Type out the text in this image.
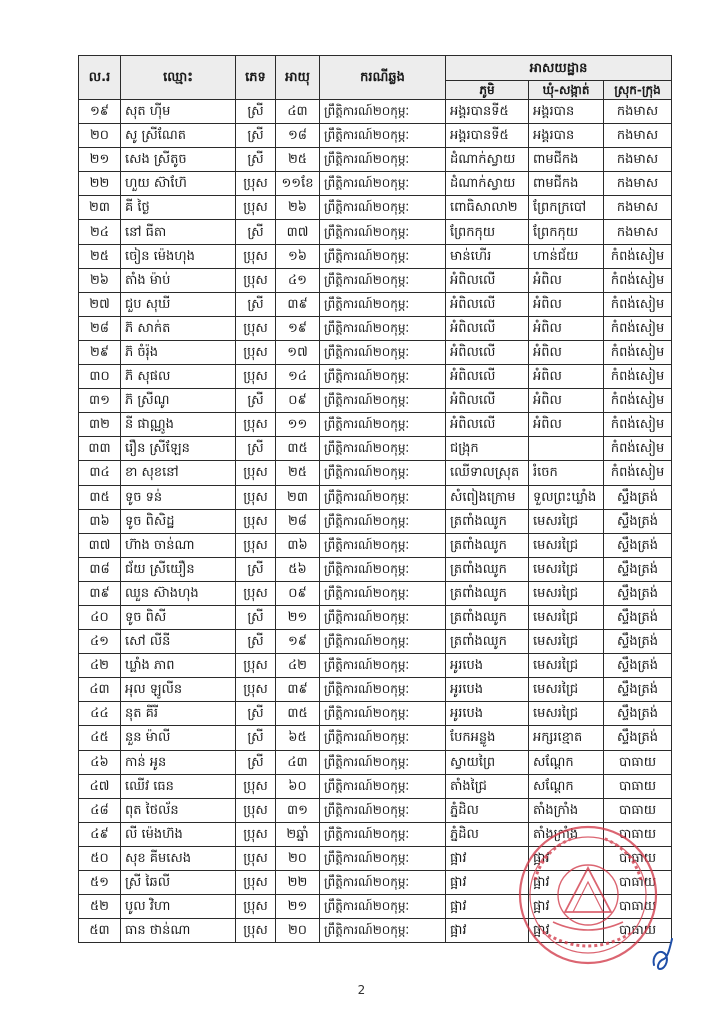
ល.រ	ឈ្មោះ	ភេទ	អាយុ	ករណីឆ្លង	អាសយដ្ឋាន		
					ភូមិ	ឃុំ-សង្កាត់	ស្រុក-ក្រុង
១៩	សុត ហ៊ីម	ស្រី	៤៣	ព្រឹត្តិការណ៍២០កុម្ភៈ	អង្គរបានទី៥	អង្គរបាន	កងមាស
២០	សូ ស្រីណែត	ស្រី	១៨	ព្រឹត្តិការណ៍២០កុម្ភៈ	អង្គរបានទី៥	អង្គរបាន	កងមាស
២១	សេង ស្រីតូច	ស្រី	២៥	ព្រឹត្តិការណ៍២០កុម្ភៈ	ដំណាក់ស្វាយ	ពាមជីកង	កងមាស
២២	ហួយ ស៊ាហ៊ែ	ប្រុស	១១ខែ	ព្រឹត្តិការណ៍២០កុម្ភៈ	ដំណាក់ស្វាយ	ពាមជីកង	កងមាស
២៣	គី ថ្ងៃ	ប្រុស	២៦	ព្រឹត្តិការណ៍២០កុម្ភៈ	ពោធិសាលា២	ព្រែកក្របៅ	កងមាស
២៤	នៅ ធីតា	ស្រី	៣៧	ព្រឹត្តិការណ៍២០កុម្ភៈ	ព្រែកកុយ	ព្រែកកុយ	កងមាស
២៥	ចៀន ម៉េងហុង	ប្រុស	១៦	ព្រឹត្តិការណ៍២០កុម្ភៈ	មាន់ហើរ	ហាន់ជ័យ	កំពង់សៀម
២៦	តាំង ម៉ាប់	ប្រុស	៤១	ព្រឹត្តិការណ៍២០កុម្ភៈ	អំពិលលើ	អំពិល	កំពង់សៀម
២៧	ជួប សុឃី	ស្រី	៣៩	ព្រឹត្តិការណ៍២០កុម្ភៈ	អំពិលលើ	អំពិល	កំពង់សៀម
២៨	ភ៊ សាក់ត	ប្រុស	១៩	ព្រឹត្តិការណ៍២០កុម្ភៈ	អំពិលលើ	អំពិល	កំពង់សៀម
២៩	ភ៊ ចំរ៉ុង	ប្រុស	១៧	ព្រឹត្តិការណ៍២០កុម្ភៈ	អំពិលលើ	អំពិល	កំពង់សៀម
៣០	ភ៊ សុផល	ប្រុស	១៤	ព្រឹត្តិការណ៍២០កុម្ភៈ	អំពិលលើ	អំពិល	កំពង់សៀម
៣១	ភ៊ ស្រីណូ	ស្រី	០៩	ព្រឹត្តិការណ៍២០កុម្ភៈ	អំពិលលើ	អំពិល	កំពង់សៀម
៣២	នី ផាណ្ណូង	ប្រុស	១១	ព្រឹត្តិការណ៍២០កុម្ភៈ	អំពិលលើ	អំពិល	កំពង់សៀម
៣៣	រឿន ស្រីឡែន	ស្រី	៣៥	ព្រឹត្តិការណ៍២០កុម្ភៈ	ជង្រុក		កំពង់សៀម
៣៤	ខា សុខនៅ	ប្រុស	២៥	ព្រឹត្តិការណ៍២០កុម្ភៈ	ឈើទាលស្រុត	រំចេក	កំពង់សៀម
៣៥	ទូច ទន់	ប្រុស	២៣	ព្រឹត្តិការណ៍២០កុម្ភៈ	សំពៀងក្រោម	ទួលព្រះឃ្លាំង	ស្ទឹងត្រង់
៣៦	ទូច ពិសិដ្ឋ	ប្រុស	២៨	ព្រឹត្តិការណ៍២០កុម្ភៈ	ត្រពាំងឈូក	មេសរជ្រៃ	ស្ទឹងត្រង់
៣៧	ហ៊ាង ចាន់ណា	ប្រុស	៣៦	ព្រឹត្តិការណ៍២០កុម្ភៈ	ត្រពាំងឈូក	មេសរជ្រៃ	ស្ទឹងត្រង់
៣៨	ជ័យ ស្រីយឿន	ស្រី	៥៦	ព្រឹត្តិការណ៍២០កុម្ភៈ	ត្រពាំងឈូក	មេសរជ្រៃ	ស្ទឹងត្រង់
៣៩	ឈួន ស៊ាងហុង	ប្រុស	០៩	ព្រឹត្តិការណ៍២០កុម្ភៈ	ត្រពាំងឈូក	មេសរជ្រៃ	ស្ទឹងត្រង់
៤០	ទូច ពិសី	ស្រី	២១	ព្រឹត្តិការណ៍២០កុម្ភៈ	ត្រពាំងឈូក	មេសរជ្រៃ	ស្ទឹងត្រង់
៤១	សៅ លីនី	ស្រី	១៩	ព្រឹត្តិការណ៍២០កុម្ភៈ	ត្រពាំងឈូក	មេសរជ្រៃ	ស្ទឹងត្រង់
៤២	ឃ្លាំង ភាព	ប្រុស	៤២	ព្រឹត្តិការណ៍២០កុម្ភៈ	អូរបេង	មេសរជ្រៃ	ស្ទឹងត្រង់
៤៣	អុល ឡូលីន	ប្រុស	៣៩	ព្រឹត្តិការណ៍២០កុម្ភៈ	អូរបេង	មេសរជ្រៃ	ស្ទឹងត្រង់
៤៤	នុត គីរី	ស្រី	៣៥	ព្រឹត្តិការណ៍២០កុម្ភៈ	អូរបេង	មេសរជ្រៃ	ស្ទឹងត្រង់
៤៥	នួន ម៉ាលី	ស្រី	៦៥	ព្រឹត្តិការណ៍២០កុម្ភៈ	បែកអន្លូង	អក្សរខ្មោត	ស្ទឹងត្រង់
៤៦	កាន់ អូន	ស្រី	៤៣	ព្រឹត្តិការណ៍២០កុម្ភៈ	ស្វាយព្រៃ	សណ្ដែក	បាធាយ
៤៧	ឈើវ ធេន	ប្រុស	៦០	ព្រឹត្តិការណ៍២០កុម្ភៈ	តាំងជ្រៃ	សណ្ដែក	បាធាយ
៤៨	ពុត ថៃល័ន	ប្រុស	៣១	ព្រឹត្តិការណ៍២០កុម្ភៈ	ភ្នំដិល	តាំងក្រាំង	បាធាយ
៤៩	លី ម៉េងហ៊ង	ប្រុស	២ឆ្នាំ	ព្រឹត្តិការណ៍២០កុម្ភៈ	ភ្នំដិល	តាំងក្រាំង	បាធាយ
៥០	សុខ គីមសេង	ប្រុស	២០	ព្រឹត្តិការណ៍២០កុម្ភៈ	ផ្អាវ	ផ្អាវ	បាធាយ
៥១	ស្រី ឆៃលី	ប្រុស	២២	ព្រឹត្តិការណ៍២០កុម្ភៈ	ផ្អាវ	ផ្អាវ	បាធាយ
៥២	បូល វិហា	ប្រុស	២១	ព្រឹត្តិការណ៍២០កុម្ភៈ	ផ្អាវ	ផ្អាវ	បាធាយ
៥៣	ធាន ថាន់ណា	ប្រុស	២០	ព្រឹត្តិការណ៍២០កុម្ភៈ	ផ្អាវ	ផ្អាវ	បាធាយ
2
